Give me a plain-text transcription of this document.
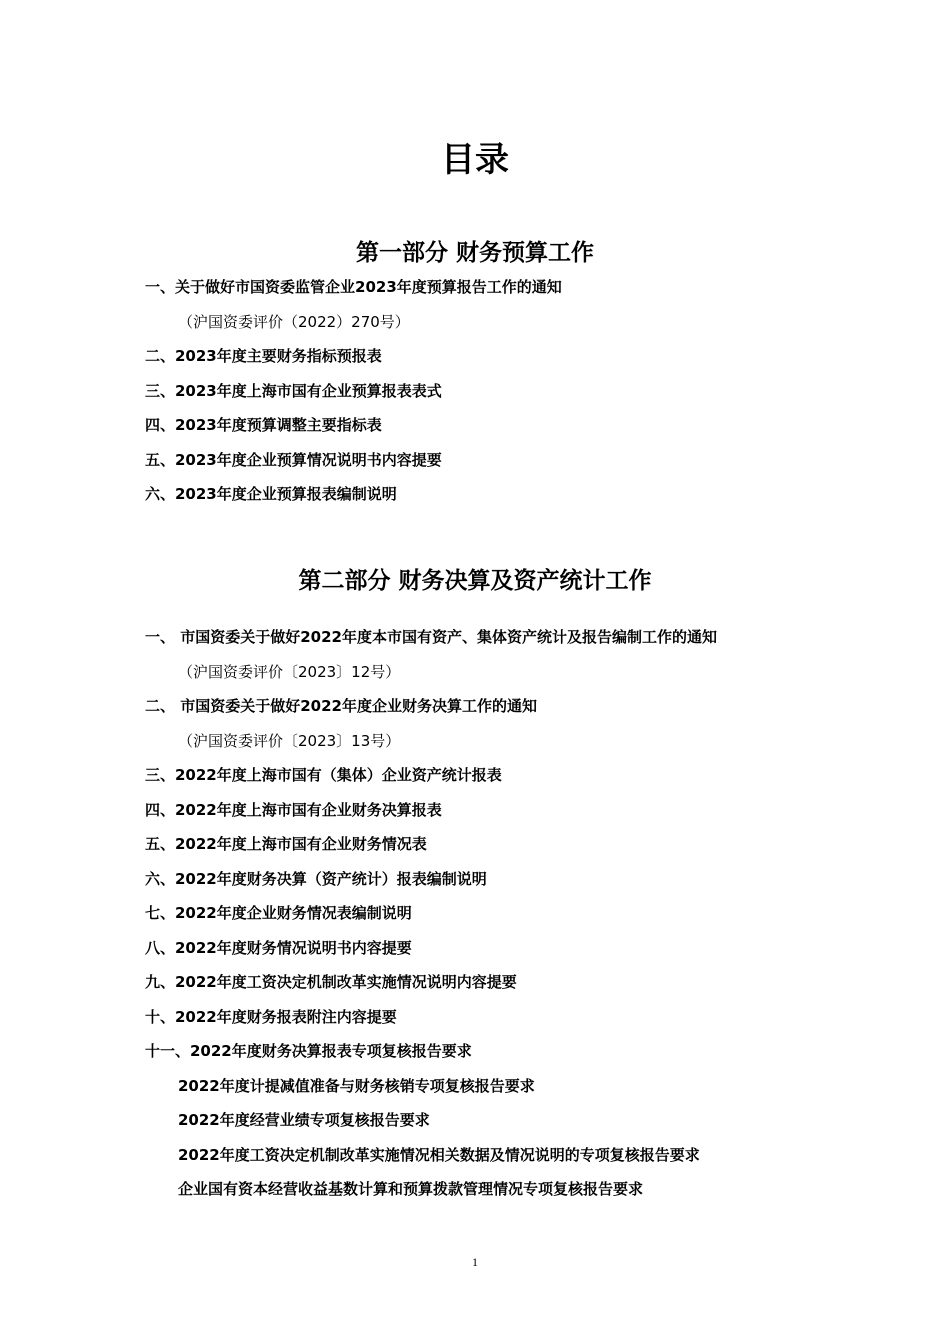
目录
第一部分 财务预算工作
一、关于做好市国资委监管企业2023年度预算报告工作的通知
（沪国资委评价（2022）270号）
二、2023年度主要财务指标预报表
三、2023年度上海市国有企业预算报表表式
四、2023年度预算调整主要指标表
五、2023年度企业预算情况说明书内容提要
六、2023年度企业预算报表编制说明
第二部分 财务决算及资产统计工作
一、 市国资委关于做好2022年度本市国有资产、集体资产统计及报告编制工作的通知
（沪国资委评价〔2023〕12号）
二、 市国资委关于做好2022年度企业财务决算工作的通知
（沪国资委评价〔2023〕13号）
三、2022年度上海市国有（集体）企业资产统计报表
四、2022年度上海市国有企业财务决算报表
五、2022年度上海市国有企业财务情况表
六、2022年度财务决算（资产统计）报表编制说明
七、2022年度企业财务情况表编制说明
八、2022年度财务情况说明书内容提要
九、2022年度工资决定机制改革实施情况说明内容提要
十、2022年度财务报表附注内容提要
十一、2022年度财务决算报表专项复核报告要求
2022年度计提减值准备与财务核销专项复核报告要求
2022年度经营业绩专项复核报告要求
2022年度工资决定机制改革实施情况相关数据及情况说明的专项复核报告要求
企业国有资本经营收益基数计算和预算拨款管理情况专项复核报告要求
1
